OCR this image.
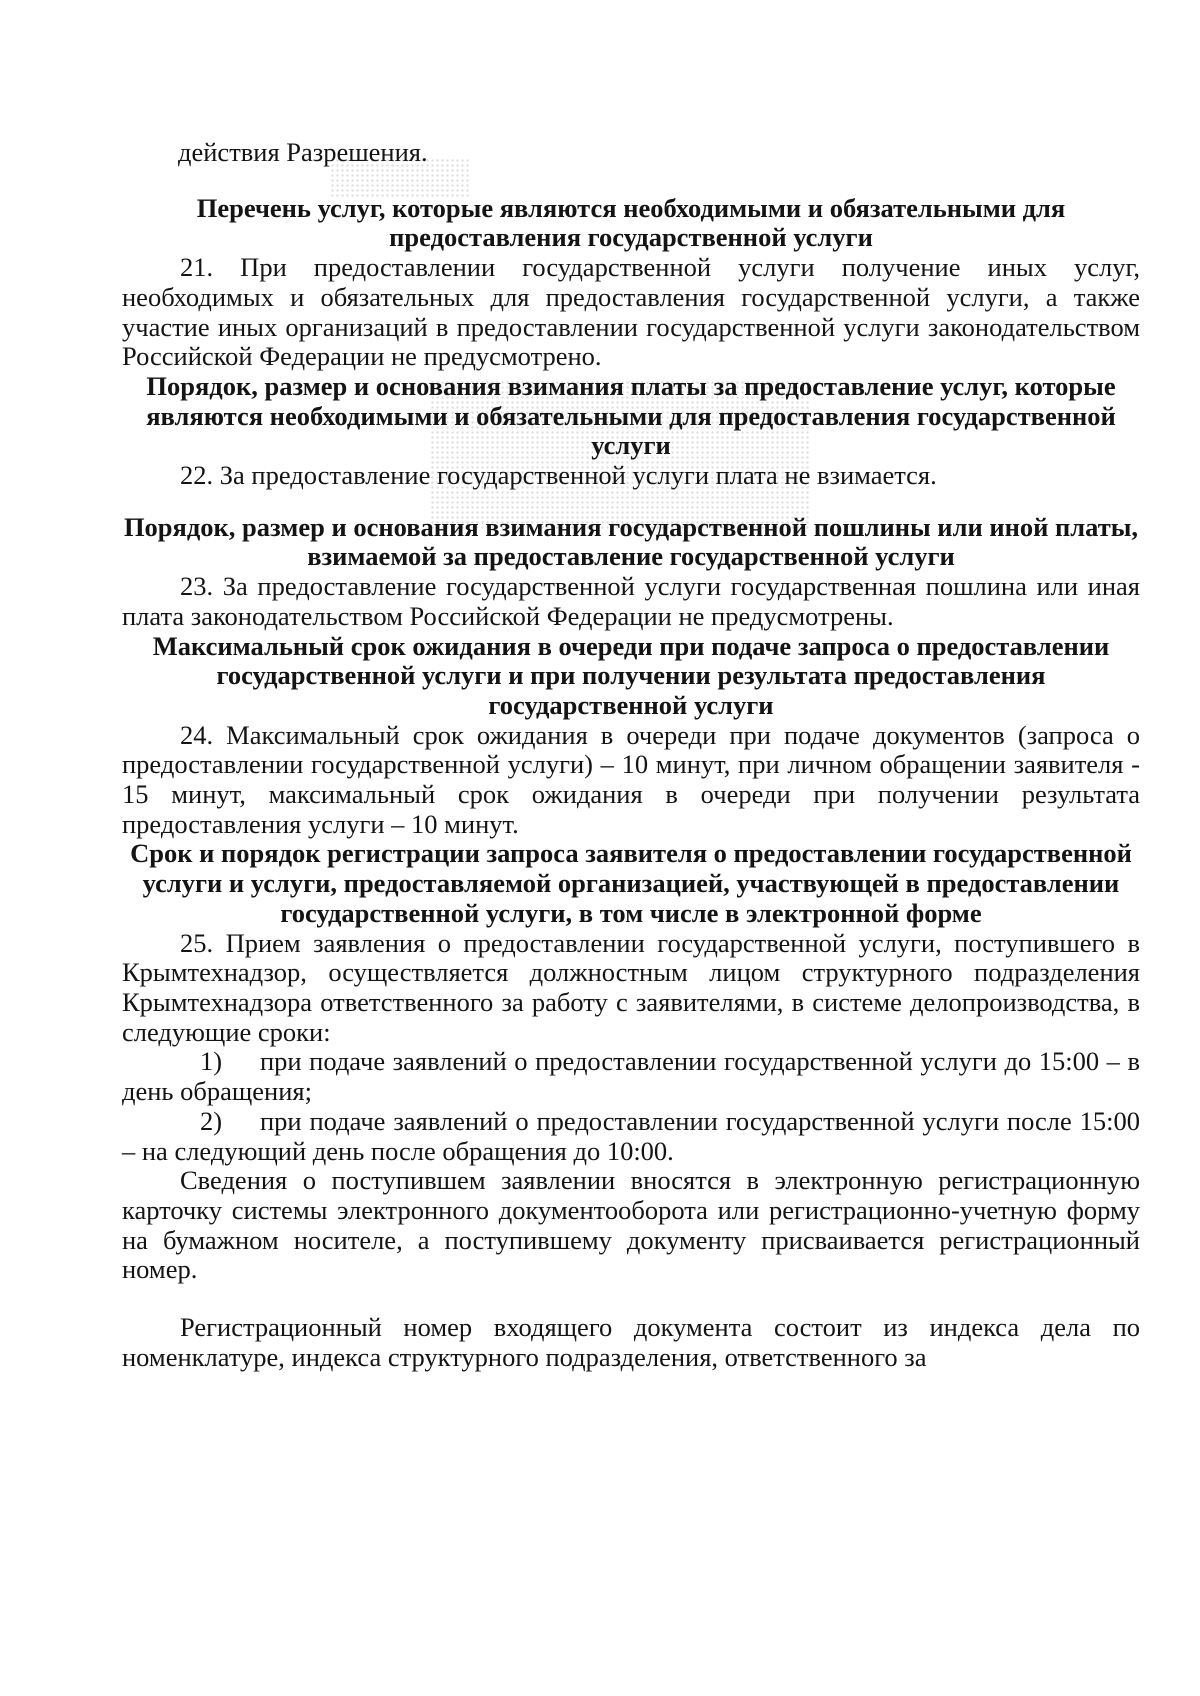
действия Разрешения.

Перечень услуг, которые являются необходимыми и обязательными для предоставления государственной услуги

21. При предоставлении государственной услуги получение иных услуг, необходимых и обязательных для предоставления государственной услуги, а также участие иных организаций в предоставлении государственной услуги законодательством Российской Федерации не предусмотрено.

Порядок, размер и основания взимания платы за предоставление услуг, которые являются необходимыми и обязательными для предоставления государственной услуги

22. За предоставление государственной услуги плата не взимается.

Порядок, размер и основания взимания государственной пошлины или иной платы, взимаемой за предоставление государственной услуги

23. За предоставление государственной услуги государственная пошлина или иная плата законодательством Российской Федерации не предусмотрены.

Максимальный срок ожидания в очереди при подаче запроса о предоставлении государственной услуги и при получении результата предоставления государственной услуги

24. Максимальный срок ожидания в очереди при подаче документов (запроса о предоставлении государственной услуги) – 10 минут, при личном обращении заявителя - 15 минут, максимальный срок ожидания в очереди при получении результата предоставления услуги – 10 минут.

Срок и порядок регистрации запроса заявителя о предоставлении государственной услуги и услуги, предоставляемой организацией, участвующей в предоставлении государственной услуги, в том числе в электронной форме

25. Прием заявления о предоставлении государственной услуги, поступившего в Крымтехнадзор, осуществляется должностным лицом структурного подразделения Крымтехнадзора ответственного за работу с заявителями, в системе делопроизводства, в следующие сроки:

1) при подаче заявлений о предоставлении государственной услуги до 15:00 – в день обращения;

2) при подаче заявлений о предоставлении государственной услуги после 15:00 – на следующий день после обращения до 10:00.

Сведения о поступившем заявлении вносятся в электронную регистрационную карточку системы электронного документооборота или регистрационно-учетную форму на бумажном носителе, а поступившему документу присваивается регистрационный номер.

Регистрационный номер входящего документа состоит из индекса дела по номенклатуре, индекса структурного подразделения, ответственного за
